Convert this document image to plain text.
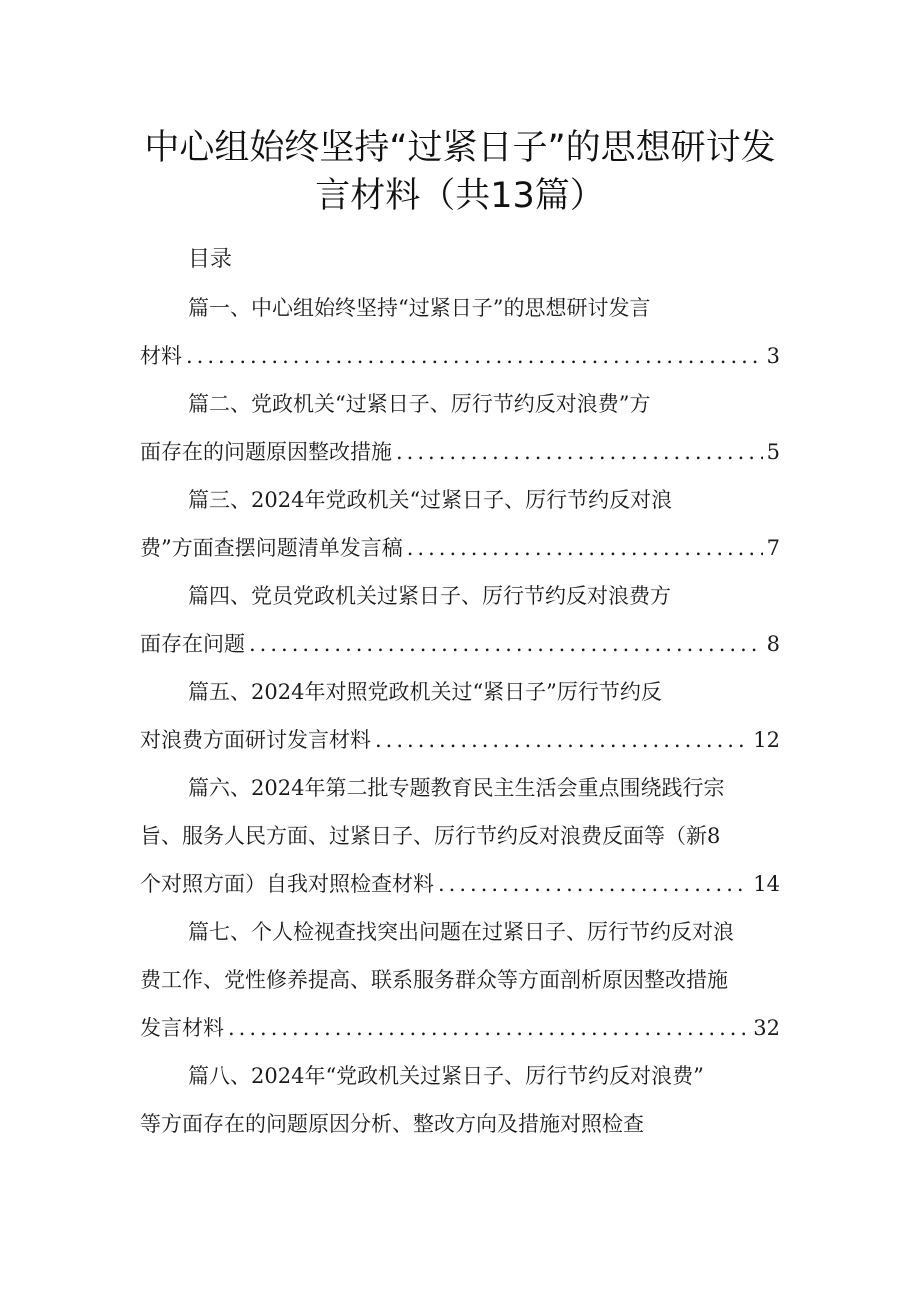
中心组始终坚持“过紧日子”的思想研讨发
言材料（共13篇）
目录
篇一、中心组始终坚持“过紧日子”的思想研讨发言
材料 .....	3
篇二、党政机关“过紧日子、厉行节约反对浪费”方
面存在的问题原因整改措施 .....	5
篇三、2024年党政机关“过紧日子、厉行节约反对浪
费”方面查摆问题清单发言稿 .....	7
篇四、党员党政机关过紧日子、厉行节约反对浪费方
面存在问题 .....	8
篇五、2024年对照党政机关过“紧日子”厉行节约反
对浪费方面研讨发言材料 .....	12
篇六、2024年第二批专题教育民主生活会重点围绕践行宗
旨、服务人民方面、过紧日子、厉行节约反对浪费反面等（新8
个对照方面）自我对照检查材料 .....	14
篇七、个人检视查找突出问题在过紧日子、厉行节约反对浪
费工作、党性修养提高、联系服务群众等方面剖析原因整改措施
发言材料 .....	32
篇八、2024年“党政机关过紧日子、厉行节约反对浪费”
等方面存在的问题原因分析、整改方向及措施对照检查
